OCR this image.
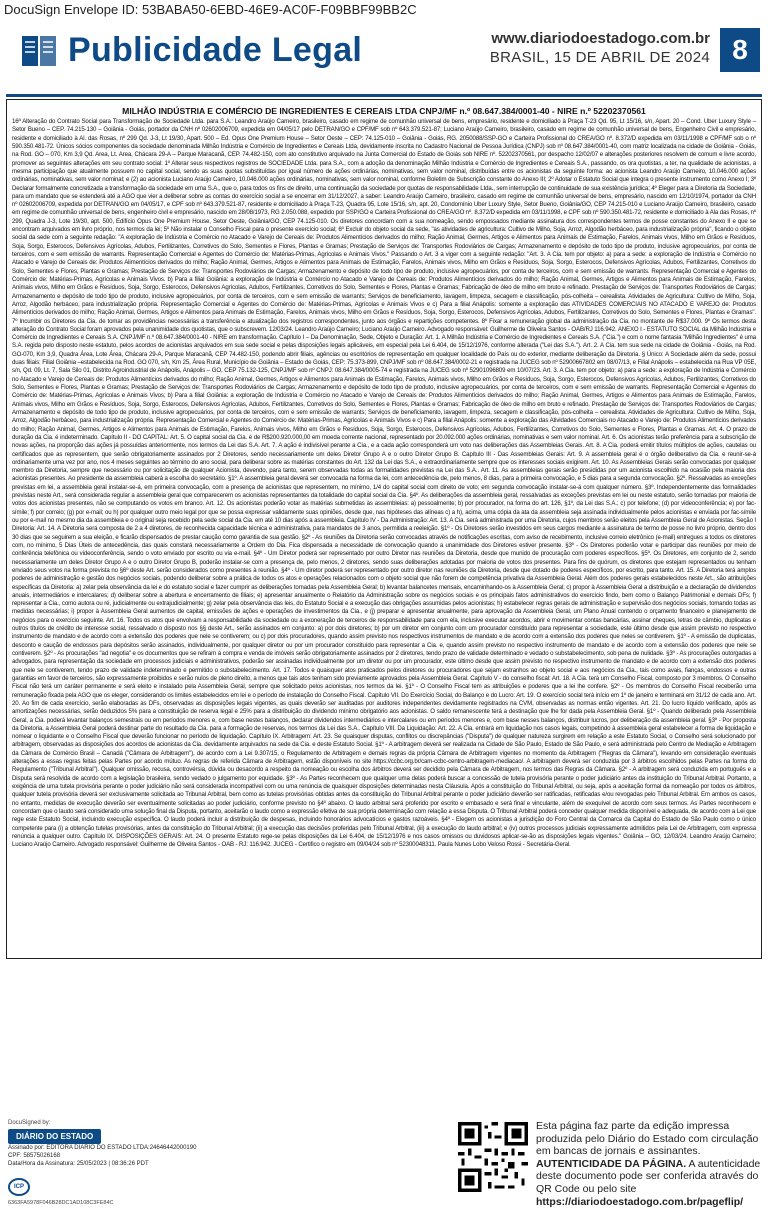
DocuSign Envelope ID: 53BABA50-6EBD-46E9-AC0F-F09BBF99BB2C
Publicidade Legal	www.diariodoestadogo.com.br
BRASIL, 15 DE ABRIL DE 2024 8
MILHÃO INDÚSTRIA E COMÉRCIO DE INGREDIENTES E CEREAIS LTDA CNPJ/MF n.º 08.647.384/0001-40 - NIRE n.º 52202370561
16ª Alteração do Contrato Social para Transformação de Sociedade Ltda. para S.A.: Leandro Araújo Carneiro, brasileiro, casado em regime de comunhão universal de bens, empresário, residente e domiciliado à Praça T-23 Qd. 95, Lt 15/16, s/n, Apart. 20 – Cond. Uber Luxury Style – Setor Bueno – CEP. 74.215-130 – Goiânia - Goiás, portador da CNH nº 02602006709, expedida em 04/05/17 pelo DETRAN/GO e CPF/MF sob nº 643.379.521-87; Luciano Araújo Carneiro, brasileiro, casado em regime de comunhão universal de bens, Engenheiro Civil e empresário, residente e domiciliado à Al. das Rosas, nº 299 Qd. J-3, Lt 19/30, Apart. 500 – Ed. Opus One Premium House – Setor Oeste – CEP: 74.125-010 – Goiânia - Goiás, RG. 2050088/SSP-GO e Carteira Profissional do CREA/GO nº. 8.372/D expedida em 03/11/1998 e CPF/MF sob o nº 590.350.481-72. Únicos sócios componentes da sociedade denominada Milhão Indústria e Comércio de Ingredientes e Cereais Ltda, devidamente inscrita no Cadastro Nacional de Pessoa Jurídica (CNPJ) sob nº 08.647.384/0001-40, com matriz localizada na cidade de Goiânia - Goiás, na Rod. GO – 070, Km 3,9 Qd. Area, Lt. Area, Chácara 29-A – Parque Maracanã, CEP. 74.482-150, com ato constitutivo arquivado na Junta Comercial do Estado de Goiás sob NIRE nº. 52202370561, por despacho 12/02/07 e alterações posteriores resolvem de comum e livre acordo, promover as seguintes alterações em seu contrato social: 1º Alterar seus respectivos registros de SOCIEDADE Ltda. para S.A., com a adoção da denominação Milhão Indústria e Comércio de Ingredientes e Cereais S.A., passando, os ora quotistas, a ter, na qualidade de acionistas, a mesma participação que atualmente possuem no capital social, sendo as suas quotas substituídas por igual número de ações ordinárias, nominativas, sem valor nominal, distribuídas entre os acionistas da seguinte forma: ao acionista Leandro Araújo Carneiro, 10.046.000 ações ordinárias, nominativas, sem valor nominal; e (2) ao acionista Luciano Araújo Carneiro, 10.046.000 ações ordinárias, nominativas, sem valor nominal, conforme Boletim de Subscrição constante do Anexo III; 2º Adotar o Estatuto Social que integra o presente instrumento como Anexo I; 3º Declarar formalmente concretizada a transformação da sociedade em uma S.A., que o, para todos os fins de direito, uma continuação da sociedade por quotas de responsabilidade Ltda., sem interrupção de continuidade de sua existência jurídica; 4º Eleger para a Diretoria da Sociedade, para um mandato que se estenderá até a AGO que vier a deliberar sobre as contas do exercício social a se encerrar em 31/12/2027, a saber: Leandro Araújo Carneiro, brasileiro, casado em regime de comunhão universal de bens, empresário, nascido em 12/10/1974, portador da CNH nº 02602006709, expedida por DETRAN/GO em 04/05/17, e CPF sob nº 643.379.521-87, residente e domiciliado à Praça T-23, Quadra 95, Lote 15/16, s/n, apt. 20, Condomínio Uber Luxury Style, Setor Bueno, Goiânia/GO, CEP 74.215-010 e Luciano Araújo Carneiro, brasileiro, casado em regime de comunhão universal de bens, engenheiro civil e empresário, nascido em 28/08/1973, RG 2.050.088, expedido por SSP/GO e Carteira Profissional do CREA/GO nº. 8.372/D expedida em 03/11/1998, e CPF sob nº 590.350.481-72, residente e domiciliado à Ala das Rosas, nº 299, Quadra J-3, Lote 19/30, apt. 500, Edifício Opus One Premium House, Setor Oeste, Goiânia/GO, CEP 74.125-010. Os diretores concordam com a sua nomeação, sendo empossados mediante assinatura dos correspondentes termos de posse constantes do Anexo II e que se encontram arquivados em livro próprio, nos termos da lei; 5º Não instalar o Conselho Fiscal para o presente exercício social; 6º Excluir do objeto social da sede, "as atividades de agricultura: Cultivo de Milho, Soja, Arroz, Algodão herbáceo, para industrialização própria", ficando o objeto social da sede com a seguinte redação: "A exploração de Indústria e Comércio no Atacado e Varejo de Cereais de: Produtos Alimentícios derivados do milho; Ração Animal, Germes, Artigos e Alimentos para Animais de Estimação, Farelos, Animais vivos, Milho em Grãos e Resíduos, Soja, Sorgo, Esterocos, Defensivos Agrícolas, Adubos, Fertilizantes, Corretivos do Solo, Sementes e Flores, Plantas e Gramas; Prestação de Serviços de: Transportes Rodoviários de Cargas; Armazenamento e depósito de todo tipo de produto, inclusive agropecuários, por conta de terceiros, com e sem emissão de warrants. Representação Comercial e Agentes do Comércio de: Matérias-Primas, Agrícolas e Animais Vivos." Passando o Art. 3 a viger com a seguinte redação: "Art. 3. A Cia. tem por objeto: a) para a sede: a exploração de Indústria e Comércio no Atacado e Varejo de Cereais de: Produtos Alimentícios derivados do milho; Ração Animal, Germes, Artigos e Alimentos para Animais de Estimação, Farelos, Animais vivos, Milho em Grãos e Resíduos, Soja, Sorgo, Esterocos, Defensivos Agrícolas, Adubos, Fertilizantes, Corretivos do Solo, Sementes e Flores, Plantas e Gramas; Prestação de Serviços de: Transportes Rodoviários de Cargas; Armazenamento e depósito de todo tipo de produto, inclusive agropecuários, por conta de terceiros, com e sem emissão de warrants. Representação Comercial e Agentes do Comércio de: Matérias-Primas, Agrícolas e Animais Vivos. b) Para a filial Goiânia: a exploração de Indústria e Comércio no Atacado e Varejo de Cereais de: Produtos Alimentícios derivados do milho; Ração Animal, Germes, Artigos e Alimentos para Animais de Estimação, Farelos, Animais vivos, Milho em Grãos e Resíduos, Soja, Sorgo, Esterocos, Defensivos Agrícolas, Adubos, Fertilizantes, Corretivos do Solo, Sementes e Flores, Plantas e Gramas; Fabricação de óleo de milho em bruto e refinado. Prestação de Serviços de: Transportes Rodoviários de Cargas; Armazenamento e depósito de todo tipo de produto, inclusive agropecuários, por conta de terceiros, com e sem emissão de warrants; Serviços de beneficiamento, lavagem, limpeza, secagem e classificação, pós-colheita – cerealista. Atividades de Agricultura: Cultivo de Milho, Soja, Arroz, Algodão herbáceo, para industrialização própria. Representação Comercial e Agentes do Comércio de: Matérias-Primas, Agrícolas e Animais Vivos e c) Para a filial Anápolis: somente a exploração das ATIVIDADES COMERCIAIS NO ATACADO E VAREJO de: Produtos Alimentícios derivados do milho; Ração Animal, Germes, Artigos e Alimentos para Animais de Estimação, Farelos, Animais vivos, Milho em Grãos e Resíduos, Soja, Sorgo, Esterocos, Defensivos Agrícolas, Adubos, Fertilizantes, Corretivos do Solo, Sementes e Flores, Plantas e Gramas". 7º Incumbir os Diretores da Cia. de tomar as providências necessárias a transferência e atualização dos registros correspondentes, junto aos órgãos e repartições competentes. 8º Fixar a remuneração global da administração da Cia. no montante de R$37.000. 9º Os termos desta alteração do Contrato Social foram aprovados pela unanimidade dos quotistas, que o subscrevem. 12/03/24. Leandro Araújo Carneiro; Luciano Araújo Carneiro. Advogado responsável: Guilherme de Oliveira Santos - OAB/RJ 116.942. ANEXO I - ESTATUTO SOCIAL da Milhão Indústria e Comércio de Ingredientes e Cereais S.A. CNPJ/MF n.º 08.647.384/0001-40 - NIRE em transformação. Capítulo I – Da Denominação, Sede, Objeto e Duração: Art. 1. A Milhão Indústria e Comércio de Ingredientes e Cereais S.A. ("Cia.") e com o nome fantasia "Milhão Ingredientes" é uma S.A. regida pelo disposto neste estatuto, pelos acordos de acionistas arquivados em sua sede social e pelas disposições legais aplicáveis, em especial pela Lei 6.404, de 15/12/1976, conforme alterada ("Lei das S.A."). Art. 2. A Cia. tem sua sede na cidade de Goiânia - Goiás, na Rod. GO-070, Km 3,9, Quadra Área, Lote Área, Chácara 29-A, Parque Maracanã, CEP 74.482-150, podendo abrir filiais, agências ou escritórios de representação em qualquer localidade do País ou do exterior, mediante deliberação da Diretoria. § Único: A Sociedade além da sede, possui duas filiais: Filial Goiânia –estabelecida na Rod. GO 070, s/n, Km 25, Área Rural, Município de Goiânia – Estado de Goiás, CEP: 75.373-899, CNPJ/MF sob nº 08.647.384/0002-21 e registrada na JUCEG sob nº 52900667802 em 08/07/13, e Filial Anápolis – estabelecida na Rua VP 05E, s/n, Qd. 09, Lt. 7, Sala Silo 01, Distrito Agroindustrial de Anápolis, Anápolis – GO, CEP 75.132-125, CNPJ/MF sob nº CNPJ: 08.647.384/0005-74 e registrada na JUCEG sob nº 52901096809 em 10/07/23. Art. 3. A Cia. tem por objeto: a) para a sede: a exploração de Indústria e Comércio no Atacado e Varejo de Cereais de: Produtos Alimentícios derivados do milho; Ração Animal, Germes, Artigos e Alimentos para Animais de Estimação, Farelos, Animais vivos, Milho em Grãos e Resíduos, Soja, Sorgo, Esterocos, Defensivos Agrícolas, Adubos, Fertilizantes, Corretivos do Solo, Sementes e Flores, Plantas e Gramas; Prestação de Serviços de: Transportes Rodoviários de Cargas; Armazenamento e depósito de todo tipo de produto, inclusive agropecuários, por conta de terceiros, com e sem emissão de warrants. Representação Comercial e Agentes do Comércio de: Matérias-Primas, Agrícolas e Animais Vivos; b) Para a filial Goiânia: a exploração de Indústria e Comércio no Atacado e Varejo de Cereais de: Produtos Alimentícios derivados do milho; Ração Animal, Germes, Artigos e Alimentos para Animais de Estimação, Farelos, Animais vivos, Milho em Grãos e Resíduos, Soja, Sorgo, Esterocos, Defensivos Agrícolas, Adubos, Fertilizantes, Corretivos do Solo, Sementes e Flores, Plantas e Gramas; Fabricação de óleo de milho em bruto e refinado. Prestação de Serviços de: Transportes Rodoviários de Cargas; Armazenamento e depósito de todo tipo de produto, inclusive agropecuários, por conta de terceiros, com e sem emissão de warrants; Serviços de beneficiamento, lavagem, limpeza, secagem e classificação, pós-colheita – cerealista. Atividades de Agricultura: Cultivo de Milho, Soja, Arroz, Algodão herbáceo, para industrialização própria. Representação Comercial e Agentes do Comércio de: Matérias-Primas, Agrícolas e Animais Vivos e c) Para a filial Anápolis: somente a exploração das Atividades Comerciais no Atacado e Varejo de: Produtos Alimentícios derivados do milho; Ração Animal, Germes, Artigos e Alimentos para Animais de Estimação, Farelos, Animais vivos, Milho em Grãos e Resíduos, Soja, Sorgo, Esterocos, Defensivos Agrícolas, Adubos, Fertilizantes, Corretivos do Solo, Sementes e Flores, Plantas e Gramas. Art. 4. O prazo de duração da Cia. é indeterminado. Capítulo II - DO CAPITAL: Art. 5. O capital social da Cia. é de R$200.920.000,00 em moeda corrente nacional, representado por 20.092.000 ações ordinárias, nominativas e sem valor nominal. Art. 6. Os acionistas terão preferência para a subscrição de novas ações, na proporção das ações já possuídas anteriormente, nos termos da Lei das S.A. Art. 7. A ação é indivisível perante a Cia., e a cada ação corresponderá um voto nas deliberações das Assembleias Gerais. Art. 8. A Cia. poderá emitir títulos múltiplos de ações, cautelas ou certificados que as representem, que serão obrigatoriamente assinados por 2 Diretores, sendo necessariamente um deles Diretor Grupo A e o outro Diretor Grupo B. Capítulo III - Das Assembleias Gerais: Art. 9. A assembleia geral é o órgão deliberativo da Cia. e reunir-se-á ordinariamente uma vez por ano, nos 4 meses seguintes ao término do ano social, para deliberar sobre as matérias constantes do Art. 132 da Lei das S.A., e extraordinariamente sempre que os interesses sociais exigirem. Art. 10. As Assembleias Gerais serão convocadas por qualquer membro da Diretoria, sempre que necessário ou por solicitação de qualquer Acionista, devendo, para tanto, serem observadas todas as formalidades previstas na Lei das S.A.. Art. 11. As assembleias gerais serão presididas por um acionista escolhido na ocasião pela maioria dos acionistas presentes. Ao presidente da assembleia caberá a escolha do secretário. §1º. A assembleia geral deverá ser convocada na forma da lei, com antecedência de, pelo menos, 8 dias, para a primeira convocação, e 5 dias para a segunda convocação. §2º. Ressalvadas as exceções previstas em lei, a assembleia geral instalar-se-á, em primeira convocação, com a presença de acionistas que representem, no mínimo, 1/4 do capital social com direito de voto; em segunda convocação instalar-se-á com qualquer número. §3º. Independentemente das formalidades previstas neste Art., será considerada regular a assembleia geral que comparecerem os acionistas representantes da totalidade do capital social da Cia. §4º. As deliberações da assembleia geral, ressalvadas as exceções previstas em lei ou neste estatuto, serão tomadas por maioria de votos dos acionistas presentes, não se computando os votos em branco. Art. 12. Os acionistas poderão votar as matérias submetidas às assembleias: a) pessoalmente; b) por procurador, na forma do art. 126, §1º, da Lei das S.A.; c) por telefone; (d) por videoconferência; e) por fac-símile; f) por correio; (g) por e-mail; ou h) por qualquer outro meio legal por que se possa expressar validamente suas opiniões, desde que, nas hipóteses das alíneas c) a h), acima, uma cópia da ata da assembleia seja assinada individualmente pelos acionistas e enviada por fac-símile ou por e-mail no mesmo dia da assembleia e o original seja recebido pela sede social da Cia. em até 10 dias após a assembleia. Capítulo IV - Da Administração: Art. 13. A Cia. será administrada por uma Diretoria, cujos membros serão eleitos pela Assembleia Geral de Acionistas. Seção I Diretoria: Art. 14. A Diretoria será composta de 2 a 4 diretores, de reconhecida capacidade técnica e administrativa, para mandatos de 3 anos, permitida a reeleição. §1º - Os Diretores serão investidos em seus cargos mediante a assinatura de termo de posse no livro próprio, dentro dos 30 dias que se seguirem a sua eleição, e ficarão dispensados de prestar caução como garantia de sua gestão. §2º - As reuniões da Diretoria serão convocadas através de notificações escritas, com aviso de recebimento, inclusive correio eletrônico (e-mail) entregues a todos os diretores com, no mínimo, 5 Dias Úteis de antecedência, das quais constará necessariamente a Ordem do Dia. Fica dispensada a necessidade de convocação quando a unanimidade dos Diretores estiver presente. §3º - Os Diretores poderão votar e participar das reuniões por meio de conferência telefônica ou videoconferência, sendo o voto enviado por escrito ou via e-mail. §4º - Um Diretor poderá ser representado por outro Diretor nas reuniões da Diretoria, desde que munido de procuração com poderes específicos. §5º. Os Diretores, em conjunto de 2, sendo necessariamente um deles Diretor Grupo A e o outro Diretor Grupo B, poderão instalar-se com a presença de, pelo menos, 2 diretores, sendo suas deliberações adotadas por maioria de votos dos presentes. Para fins de quórum, os diretores que estejam representados ou tenham enviado seus votos na forma prevista no §6º deste Art. serão considerados como presentes à reunião. §4º - Um diretor poderá ser representado por outro diretor nas reuniões da Diretoria, desde que dotado de poderes específicos, por escrito, para tanto. Art. 15. A Diretoria terá amplos poderes de administração e gestão dos negócios sociais, podendo deliberar sobre a prática de todos os atos e operações relacionados com o objeto social que não forem de competência privativa da Assembleia Geral. Além dos poderes gerais estabelecidos neste Art., são atribuições específicas da Diretoria: a) zelar pela observância da lei e do estatuto social e fazer cumprir as deliberações tomadas pela Assembleia Geral; b) levantar balancetes mensais, encaminhando-os à Assembleia Geral; c) propor à Assembleia Geral a distribuição e a declaração de dividendos anuais, intermediários e intercalares; d) deliberar sobre a abertura e encerramento de filiais; e) apresentar anualmente o Relatório da Administração sobre os negócios sociais e os principais fatos administrativos do exercício findo, bem como o Balanço Patrimonial e demais DFs; f) representar a Cia., como autora ou ré, judicialmente ou extrajudicialmente; g) zelar pela observância das leis, do Estatuto Social e a execução das obrigações assumidas pelos acionistas; h) estabelecer regras gerais de administração e supervisão dos negócios sociais, tomando todas as medidas necessárias; i) propor à Assembleia Geral aumentos de capital, emissões de ações e operações de investimentos da Cia., e (j) preparar e apresentar anualmente, para aprovação da Assembleia Geral, um Plano Anual contendo o orçamento financeiro e planejamento de negócios para o exercício seguinte. Art. 16. Todos os atos que envolvam a responsabilidade da sociedade ou a exoneração de terceiros de responsabilidade para com ela, inclusive executar acordos, abrir e movimentar contas bancárias, assinar cheques, letras de câmbio, duplicatas e outros títulos de crédito de interesse social, ressalvado o disposto nos §§ deste Art., serão assinados em conjunto: a) por dois diretores; b) por um diretor em conjunto com um procurador constituído para representar a sociedade, este último desde que assim previsto no respectivo instrumento de mandato e de acordo com a extensão dos poderes que nele se contiverem; ou c) por dois procuradores, quando assim previsto nos respectivos instrumentos de mandato e de acordo com a extensão dos poderes que neles se contiverem. §1º - A emissão de duplicatas, desconto e caução de endossos para depósitos serão assinados, individualmente, por qualquer diretor ou por um procurador constituído para representar a Cia. e, quando assim previsto no respectivo instrumento de mandato e de acordo com a extensão dos poderes que nele se contiverem. §2º - As procurações "ad negotia" e os documentos que se refiram à compra e venda de imóveis serão obrigatoriamente assinados por 2 diretores, tendo prazo de validade determinado e vedado o substabelecimento, sob pena de nulidade. §3º - As procurações outorgadas a advogados, para representação da sociedade em processos judiciais e administrativos, poderão ser assinadas individualmente por um diretor ou por um procurador, este último desde que assim previsto no respectivo instrumento de mandato e de acordo com a extensão dos poderes que nele se contiverem, tendo prazo de validade indeterminado e permitido o substabelecimento. Art. 17. Todos e quaisquer atos praticados pelos diretores ou procuradores que sejam estranhos ao objeto social e aos negócios da Cia., tais como avais, fianças, endossos e outras garantias em favor de terceiros, são expressamente proibidos e serão nulos de pleno direito, a menos que tais atos tenham sido previamente aprovados pela Assembleia Geral. Capítulo V - do conselho fiscal: Art. 18. A Cia. terá um Conselho Fiscal, composto por 3 membros. O Conselho Fiscal não terá um caráter permanente e será eleito e instalado pela Assembleia Geral, sempre que solicitado pelos acionistas, nos termos da lei. §1º - O Conselho Fiscal tem as atribuições e poderes que a lei lhe confere. §2º - Os membros do Conselho Fiscal receberão uma remuneração fixada pela AGO que os eleger, considerando os limites estabelecidos em lei e o período de instalação do Conselho Fiscal. Capítulo VII. Do Exercício Social, do Balanço e do Lucro: Art. 19. O exercício social terá início em 1º de janeiro e terminará em 31/12 de cada ano. Art. 20. Ao fim de cada exercício, serão elaboradas as DFs, observadas as disposições legais vigentes, as quais deverão ser auditadas por auditores independentes devidamente registrados na CVM, observadas as normas então vigentes. Art. 21. Do lucro líquido verificado, após as amortizações necessárias, serão deduzidos 5% para a constituição de reserva legal e 25% para a distribuição do dividendo mínimo obrigatório aos acionistas. O saldo remanescente terá a destinação que lhe for dada pela Assembleia Geral. §1º - Quando deliberado pela Assembleia Geral, a Cia. poderá levantar balanços semestrais ou em períodos menores e, com base nestes balanços, declarar dividendos intermediários e intercalares ou em períodos menores e, com base nesses balanços, distribuir lucros, por deliberação da assembleia geral. §3º - Por proposta da Diretoria, a Assembleia Geral poderá destinar parte do resultado da Cia. para a formação de reservas, nos termos da Lei das S.A.. Capítulo VIII. Da Liquidação: Art. 22. A Cia. entrará em liquidação nos casos legais, competindo à assembleia geral estabelecer a forma de liquidação e nomear o liquidante e o Conselho Fiscal que deverão funcionar no período de liquidação. Capítulo IX. Arbitragem: Art. 23. Se quaisquer disputas, conflitos ou discrepâncias ("Disputa") de qualquer natureza surgirem em relação a este Estatuto Social, o Conselho será solucionado por arbitragem, observadas as disposições dos acordos de acionistas da Cia. devidamente arquivados na sede da Cia. e deste Estatuto Social. §1º - A arbitragem deverá ser realizada na Cidade de São Paulo, Estado de São Paulo, e será administrada pelo Centro de Mediação e Arbitragem da Câmara de Comércio Brasil – Canadá ("Câmara de Arbitragem"), de acordo com a Lei 9.307/15, o Regulamento de Arbitragem e demais regras da própria Câmara de Arbitragem vigentes no momento da Arbitragem ("Regras da Câmara"), levando em consideração eventuais alterações a essas regras feitas pelas Partes por acordo mútuo. As regras de referida Câmara de Arbitragem, estão disponíveis no site https://ccbc.org.br/cam-ccbc-centro-arbitragem-mediacao/. A arbitragem deverá ser conduzida por 3 árbitros escolhidos pelas Partes na forma do Regulamento ("Tribunal Arbitral"). Qualquer omissão, recusa, controvérsia, dúvida ou desacordo a respeito da nomeação ou escolha dos árbitros deverá ser decidido pela Câmara de Arbitragem, nos termos das Regras da Câmara. §2º - A arbitragem será conduzida em português e a Disputa será resolvida de acordo com a legislação brasileira, sendo vedado o julgamento por equidade. §3º - As Partes reconhecem que qualquer uma delas poderá buscar a concessão de tutela provisória perante o poder judiciário antes da instituição do Tribunal Arbitral. Portanto, a exigência de uma tutela provisória perante o poder judiciário não será considerada incompatível com ou uma renúncia de quaisquer disposições determinadas nesta Cláusula. Após a constituição do Tribunal Arbitral, ou seja, após a aceitação formal da nomeação por todos os árbitros, qualquer tutela provisória deverá ser exclusivamente solicitada ao Tribunal Arbitral, bem como as tutelas provisórias obtidas antes da constituição do Tribunal Arbitral perante o poder judiciário deverão ser ratificadas, retificadas e/ou revogadas pelo Tribunal Arbitral. Em ambos os casos, no entanto, medidas de execução deverão ser eventualmente solicitadas ao poder judiciário, conforme previsto no §4º abaixo. O laudo arbitral será proferido por escrito e embasado e será final e vinculante, além de exequível de acordo com seus termos. As Partes reconhecem e concordam que o laudo será considerado uma solução final da Disputa, portanto, aceitarão o laudo como a expressão efetiva de sua própria determinação com relação a essa Disputa. O Tribunal Arbitral poderá conceder qualquer medida disponível e adequada, de acordo com a Lei que rege este Estatuto Social, incluindo execução específica. O laudo poderá incluir a distribuição de despesas, incluindo honorários advocatícios e gastos razoáveis. §4º - Elegem os acionistas a jurisdição do Foro Central da Comarca da Capital do Estado de São Paulo como o único competente para (i) a obtenção tutelas provisórias, antes da constituição do Tribunal Arbitral; (ii) a execução das decisões proferidas pelo Tribunal Arbitral, (iii) a execução do laudo arbitral; e (iv) outros processos judiciais expressamente admitidos pela Lei de Arbitragem, com expressa renúncia a qualquer outro. Capítulo IX. DISPOSIÇÕES GERAIS: Art. 24. O presente Estatuto rege-se pelas disposições da Lei 6.404, de 15/12/1976 e nos casos omissos ou duvidosos aplicar-se-ão as disposições legais vigentes." Goiânia – GO, 12/03/24. Leandro Araújo Carneiro; Luciano Araújo Carneiro. Advogado responsável: Guilherme de Oliveira Santos - OAB - RJ: 116.942. JUCEG - Certifico o registro em 09/04/24 sob nº 52300048311. Paula Nunes Lobo Veloso Rossi - Secretária-Geral.
DocuSigned by:
DIÁRIO DO ESTADO
Assinado por: EDITORA DIARIO DO ESTADO LTDA:24646442000190
CPF: 58575026168
Data/Hora da Assinatura: 25/05/2023 | 08:36:26 PDT
ICP
6363FA5978F046B28DC1AD108C3FE84C
Esta página faz parte da edição impressa produzida pelo Diário do Estado com circulação em bancas de jornais e assinantes. AUTENTICIDADE DA PÁGINA. A autenticidade deste documento pode ser conferida através do QR Code ou pelo site https://diariodoestadogo.com.br/pageflip/
